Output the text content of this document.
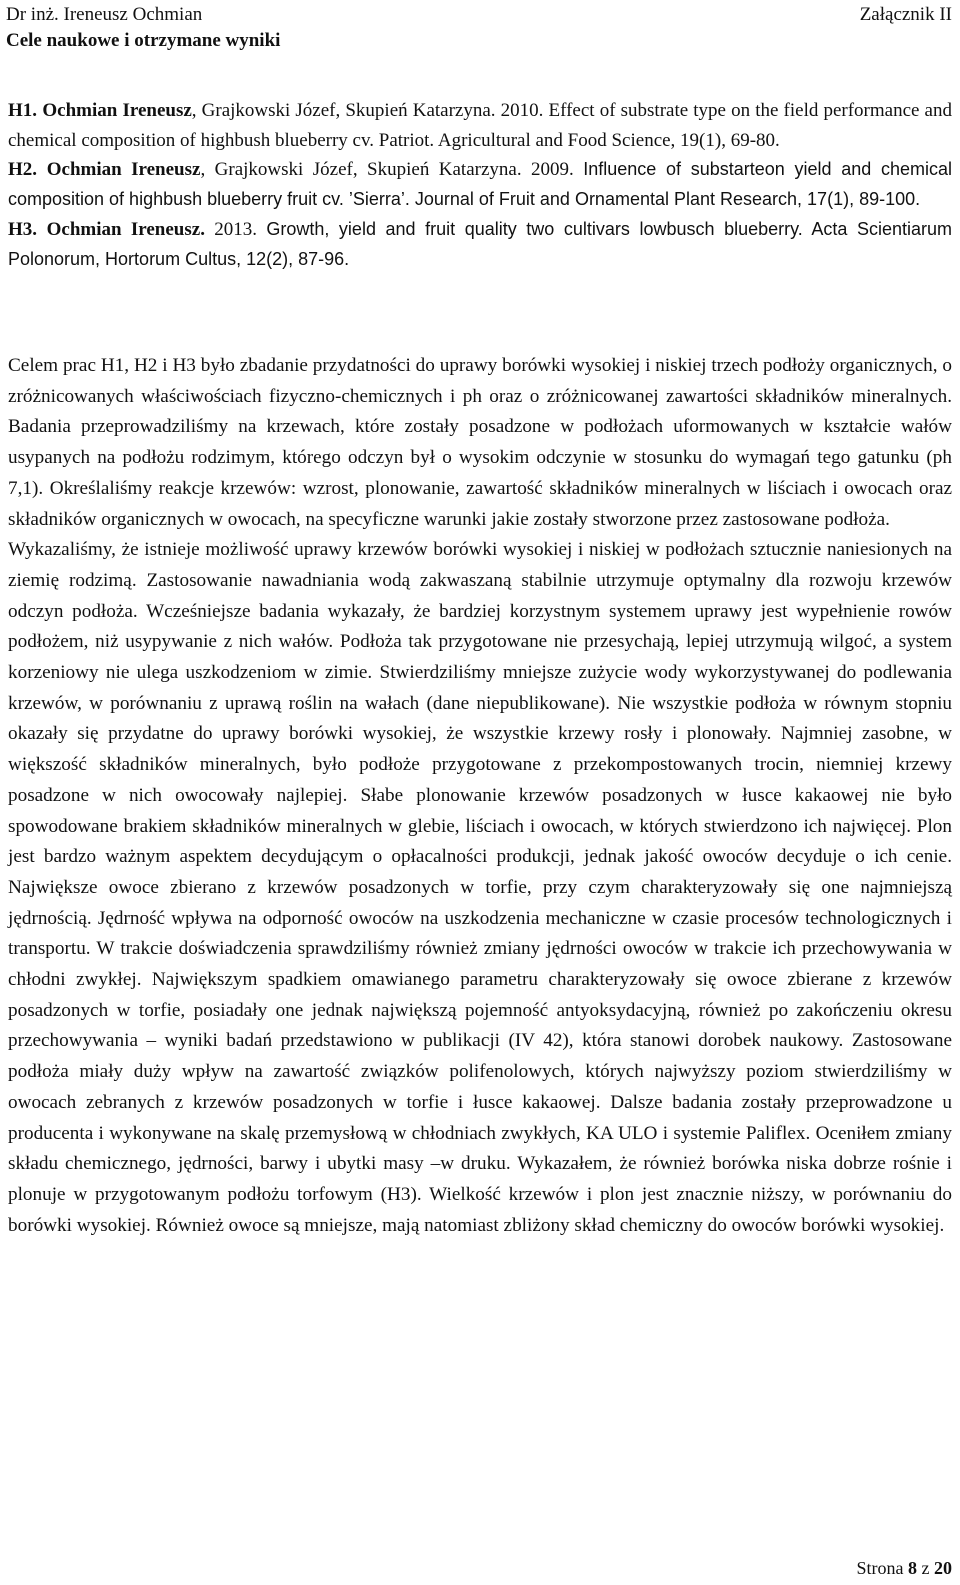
Dr inż. Ireneusz Ochmian
Cele naukowe i otrzymane wyniki
Załącznik II

H1. Ochmian Ireneusz, Grajkowski Józef, Skupień Katarzyna. 2010. Effect of substrate type on the field performance and chemical composition of highbush blueberry cv. Patriot. Agricultural and Food Science, 19(1), 69-80.

H2. Ochmian Ireneusz, Grajkowski Józef, Skupień Katarzyna. 2009. Influence of substarteon yield and chemical composition of highbush blueberry fruit cv. ’Sierra’. Journal of Fruit and Ornamental Plant Research, 17(1), 89-100.

H3. Ochmian Ireneusz. 2013. Growth, yield and fruit quality two cultivars lowbusch blueberry. Acta Scientiarum Polonorum, Hortorum Cultus, 12(2), 87-96.

Celem prac H1, H2 i H3 było zbadanie przydatności do uprawy borówki wysokiej i niskiej trzech podłoży organicznych, o zróżnicowanych właściwościach fizyczno-chemicznych i ph oraz o zróżnicowanej zawartości składników mineralnych. Badania przeprowadziliśmy na krzewach, które zostały posadzone w podłożach uformowanych w kształcie wałów usypanych na podłożu rodzimym, którego odczyn był o wysokim odczynie w stosunku do wymagań tego gatunku (ph 7,1). Określaliśmy reakcje krzewów: wzrost, plonowanie, zawartość składników mineralnych w liściach i owocach oraz składników organicznych w owocach, na specyficzne warunki jakie zostały stworzone przez zastosowane podłoża.

Wykazaliśmy, że istnieje możliwość uprawy krzewów borówki wysokiej i niskiej w podłożach sztucznie naniesionych na ziemię rodzimą. Zastosowanie nawadniania wodą zakwaszaną stabilnie utrzymuje optymalny dla rozwoju krzewów odczyn podłoża. Wcześniejsze badania wykazały, że bardziej korzystnym systemem uprawy jest wypełnienie rowów podłożem, niż usypywanie z nich wałów. Podłoża tak przygotowane nie przesychają, lepiej utrzymują wilgoć, a system korzeniowy nie ulega uszkodzeniom w zimie. Stwierdziliśmy mniejsze zużycie wody wykorzystywanej do podlewania krzewów, w porównaniu z uprawą roślin na wałach (dane niepublikowane). Nie wszystkie podłoża w równym stopniu okazały się przydatne do uprawy borówki wysokiej, że wszystkie krzewy rosły i plonowały. Najmniej zasobne, w większość składników mineralnych, było podłoże przygotowane z przekompostowanych trocin, niemniej krzewy posadzone w nich owocowały najlepiej. Słabe plonowanie krzewów posadzonych w łusce kakaowej nie było spowodowane brakiem składników mineralnych w glebie, liściach i owocach, w których stwierdzono ich najwięcej. Plon jest bardzo ważnym aspektem decydującym o opłacalności produkcji, jednak jakość owoców decyduje o ich cenie. Największe owoce zbierano z krzewów posadzonych w torfie, przy czym charakteryzowały się one najmniejszą jędrnością. Jędrność wpływa na odporność owoców na uszkodzenia mechaniczne w czasie procesów technologicznych i transportu. W trakcie doświadczenia sprawdziliśmy również zmiany jędrności owoców w trakcie ich przechowywania w chłodni zwykłej. Największym spadkiem omawianego parametru charakteryzowały się owoce zbierane z krzewów posadzonych w torfie, posiadały one jednak największą pojemność antyoksydacyjną, również po zakończeniu okresu przechowywania – wyniki badań przedstawiono w publikacji (IV 42), która stanowi dorobek naukowy. Zastosowane podłoża miały duży wpływ na zawartość związków polifenolowych, których najwyższy poziom stwierdziliśmy w owocach zebranych z krzewów posadzonych w torfie i łusce kakaowej. Dalsze badania zostały przeprowadzone u producenta i wykonywane na skalę przemysłową w chłodniach zwykłych, KA ULO i systemie Paliflex. Oceniłem zmiany składu chemicznego, jędrności, barwy i ubytki masy –w druku. Wykazałem, że również borówka niska dobrze rośnie i plonuje w przygotowanym podłożu torfowym (H3). Wielkość krzewów i plon jest znacznie niższy, w porównaniu do borówki wysokiej. Również owoce są mniejsze, mają natomiast zbliżony skład chemiczny do owoców borówki wysokiej.

Strona 8 z 20
